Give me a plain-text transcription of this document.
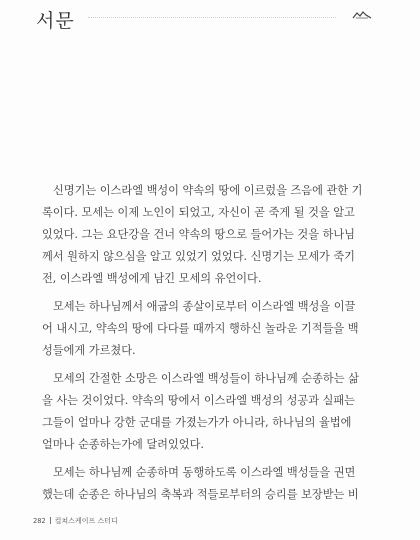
서문

신명기는 이스라엘 백성이 약속의 땅에 이르렀을 즈음에 관한 기
록이다. 모세는 이제 노인이 되었고, 자신이 곧 죽게 될 것을 알고
있었다. 그는 요단강을 건너 약속의 땅으로 들어가는 것을 하나님
께서 원하지 않으심을 알고 있었기 었었다. 신명기는 모세가 죽기
전, 이스라엘 백성에게 남긴 모세의 유언이다.

모세는 하나님께서 애굽의 종살이로부터 이스라엘 백성을 이끌
어 내시고, 약속의 땅에 다다를 때까지 행하신 놀라운 기적들을 백
성들에게 가르쳤다.

모세의 간절한 소망은 이스라엘 백성들이 하나님께 순종하는 삶
을 사는 것이었다. 약속의 땅에서 이스라엘 백성의 성공과 실패는
그들이 얼마나 강한 군대를 가졌는가가 아니라, 하나님의 율법에
얼마나 순종하는가에 달려있었다.

모세는 하나님께 순종하며 동행하도록 이스라엘 백성들을 권면
했는데 순종은 하나님의 축복과 적들로부터의 승리를 보장받는 비

282 컬쳐스케이프 스터디
